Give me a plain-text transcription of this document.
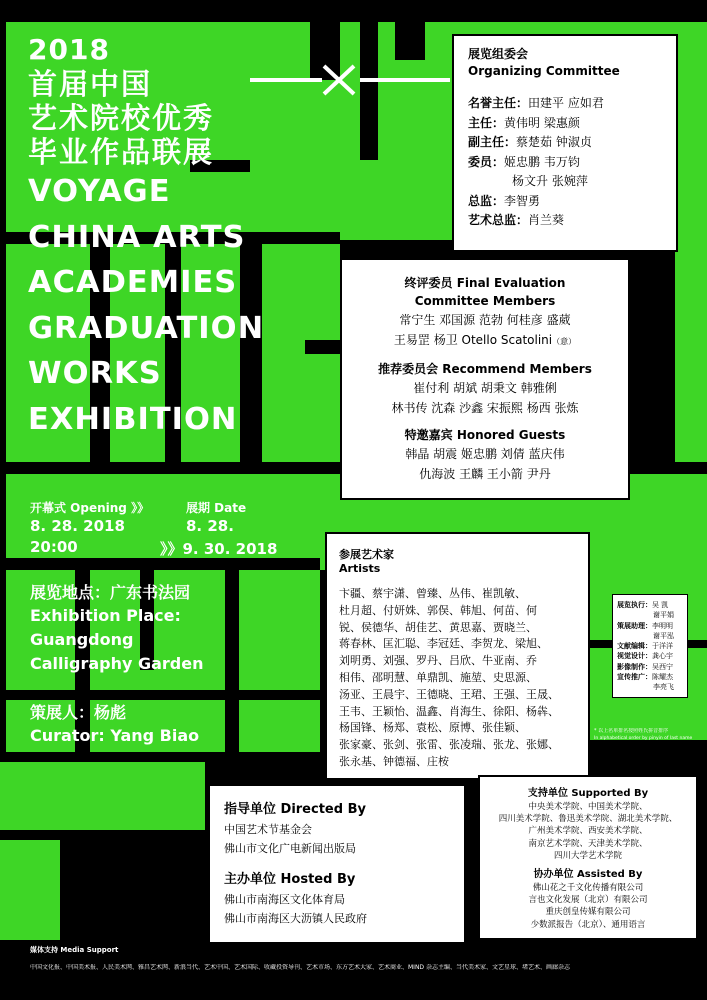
2018
首届中国
艺术院校优秀
毕业作品联展
VOYAGE
CHINA ARTS
ACADEMIES
GRADUATION
WORKS
EXHIBITION
开幕式 Opening 》》	展期 Date
8. 28. 2018
20:00
8. 28.
》》9. 30. 2018
展览地点：广东书法园
Exhibition Place:
Guangdong
Calligraphy Garden
策展人：杨彪
Curator: Yang Biao
展览组委会
Organizing Committee
名誉主任：田建平 应如君
主任：黄伟明 梁惠颜
副主任：蔡楚茹 钟淑贞
委员：姬忠鹏 韦万钧
杨文升 张婉萍
总监：李智勇
艺术总监：肖兰葵
终评委员 Final Evaluation
Committee Members
常宁生 邓国源 范勃 何桂彦 盛葳
王易罡 杨卫 Otello Scatolini（意）
推荐委员会 Recommend Members
崔付利 胡斌 胡秉文 韩雅俐
林书传 沈森 沙鑫 宋振熙 杨西 张炼
特邀嘉宾 Honored Guests
韩晶 胡震 姬忠鹏 刘倩 蓝庆伟
仇海波 王麟 王小箭 尹丹
参展艺术家
Artists
卞疆、蔡宇潇、曾臻、丛伟、崔凯敏、
杜月超、付妍姝、郭俣、韩旭、何苗、何
锐、侯德华、胡佳艺、黄思嘉、贾晓兰、
蒋春林、匡汇聪、李冠廷、李贺龙、梁旭、
刘明勇、刘强、罗丹、吕欣、牛亚南、乔
相伟、邵明慧、单鼎凯、施堃、史思源、
汤亚、王晨宇、王德晓、王珺、王强、王晟、
王韦、王颖怡、温鑫、肖海生、徐阳、杨犇、
杨国锋、杨郑、袁松、原博、张佳颖、
张家豪、张剑、张雷、张凌瑞、张龙、张娜、
张永基、钟德福、庄桉
展览执行：吴 凯
谢平娟
策展助理：李明明
谢平泓
文献编辑：于洋洋
视觉设计：龚心宇
影像制作：吴西宁
宣传推广：陈耀杰
李亮飞
* 以上名单排名按照姓氏拼音排序
In alphabetical order by pinyin of last name
指导单位 Directed By
中国艺术节基金会
佛山市文化广电新闻出版局
主办单位 Hosted By
佛山市南海区文化体育局
佛山市南海区大沥镇人民政府
支持单位 Supported By
中央美术学院、中国美术学院、
四川美术学院、鲁迅美术学院、湖北美术学院、
广州美术学院、西安美术学院、
南京艺术学院、天津美术学院、
四川大学艺术学院
协办单位 Assisted By
佛山花之千文化传播有限公司
言也文化发展（北京）有限公司
重庆创皇传媒有限公司
少数派报告（北京）、通用语言
媒体支持 Media Support
中国文化报、中国美术报、人民美术网、雅昌艺术网、新浪当代、艺术中国、艺术国际、收藏投资导刊、艺术市场、东方艺术大家、艺术商业、MIND 杂志主编、当代美术家、文艺星球、堵艺术、画廊杂志
